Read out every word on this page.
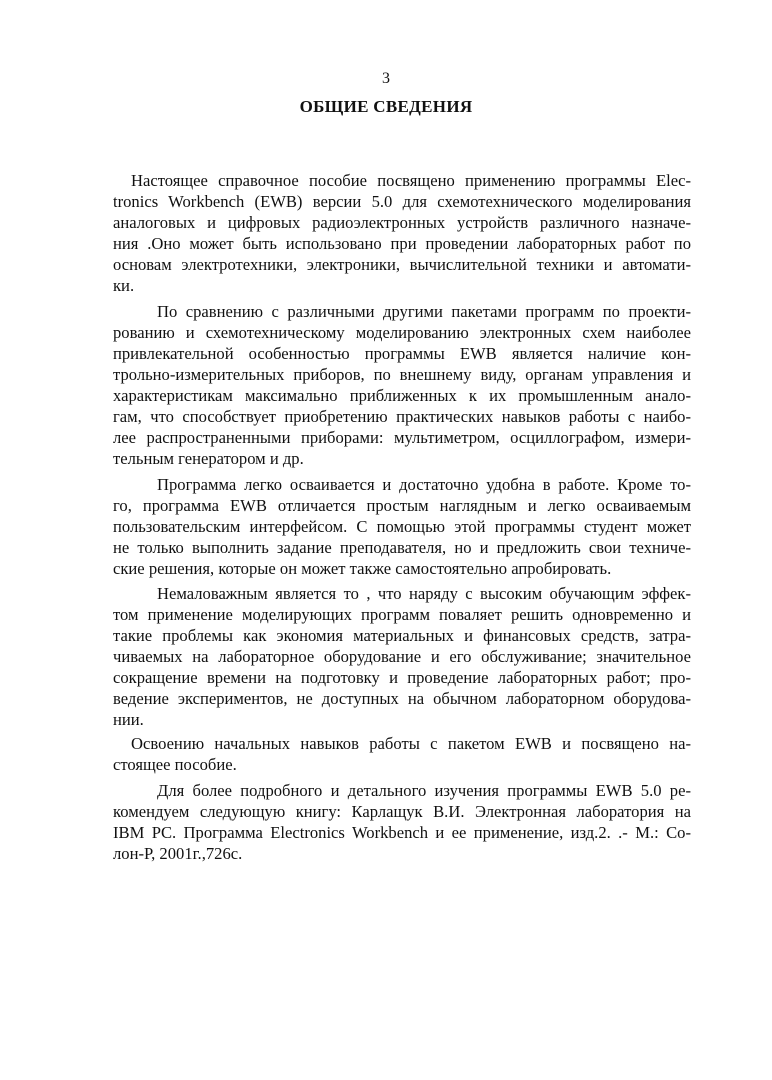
3
ОБЩИЕ СВЕДЕНИЯ
Настоящее справочное пособие посвящено применению программы Elec-
tronics Workbench (EWB) версии 5.0 для схемотехнического моделирования
аналоговых и цифровых радиоэлектронных устройств различного назначе-
ния .Оно может быть использовано при проведении лабораторных работ по
основам электротехники, электроники, вычислительной техники и автомати-
ки.
По сравнению с различными другими пакетами программ по проекти-
рованию и схемотехническому моделированию электронных схем наиболее
привлекательной особенностью программы EWB является наличие кон-
трольно-измерительных приборов, по внешнему виду, органам управления и
характеристикам максимально приближенных к их промышленным анало-
гам, что способствует приобретению практических навыков работы с наибо-
лее распространенными приборами: мультиметром, осциллографом, измери-
тельным генератором и др.
Программа легко осваивается и достаточно удобна в работе. Кроме то-
го, программа EWB отличается простым наглядным и легко осваиваемым
пользовательским интерфейсом. С помощью этой программы студент может
не только выполнить задание преподавателя, но и предложить свои техниче-
ские решения, которые он может также самостоятельно апробировать.
Немаловажным является то , что наряду с высоким обучающим эффек-
том применение моделирующих программ поваляет решить одновременно и
такие проблемы как экономия материальных и финансовых средств, затра-
чиваемых на лабораторное оборудование и его обслуживание; значительное
сокращение времени на подготовку и проведение лабораторных работ; про-
ведение экспериментов, не доступных на обычном лабораторном оборудова-
нии.
Освоению начальных навыков работы с пакетом EWB и посвящено на-
стоящее пособие.
Для более подробного и детального изучения программы EWB 5.0 ре-
комендуем следующую книгу: Карлащук В.И. Электронная лаборатория на
IBM PC. Программа Electronics Workbench и ее применение, изд.2. .- М.: Со-
лон-Р, 2001г.,726с.
